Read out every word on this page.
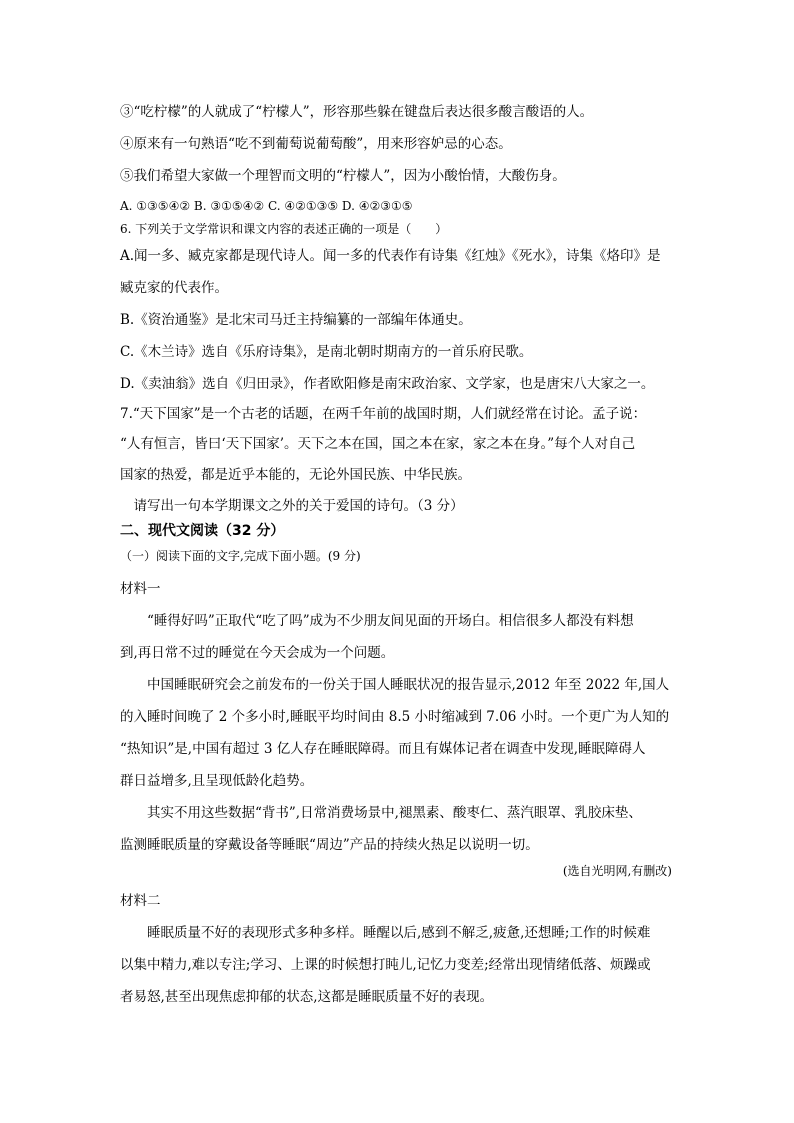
③“吃柠檬”的人就成了“柠檬人”，形容那些躲在键盘后表达很多酸言酸语的人。
④原来有一句熟语“吃不到葡萄说葡萄酸”，用来形容妒忌的心态。
⑤我们希望大家做一个理智而文明的“柠檬人”，因为小酸怡情，大酸伤身。
A. ①③⑤④② B. ③①⑤④② C. ④②①③⑤ D. ④②③①⑤
6. 下列关于文学常识和课文内容的表述正确的一项是（　　）
A.闻一多、臧克家都是现代诗人。闻一多的代表作有诗集《红烛》《死水》，诗集《烙印》是
臧克家的代表作。
B.《资治通鉴》是北宋司马迁主持编纂的一部编年体通史。
C.《木兰诗》选自《乐府诗集》，是南北朝时期南方的一首乐府民歌。
D.《卖油翁》选自《归田录》，作者欧阳修是南宋政治家、文学家，也是唐宋八大家之一。
7.“天下国家”是一个古老的话题，在两千年前的战国时期，人们就经常在讨论。孟子说：
“人有恒言，皆曰‘天下国家’。天下之本在国，国之本在家，家之本在身。”每个人对自己
国家的热爱，都是近乎本能的，无论外国民族、中华民族。
　请写出一句本学期课文之外的关于爱国的诗句。（3 分）
二、现代文阅读（32 分）
（一）阅读下面的文字,完成下面小题。(9 分)
材料一
　　“睡得好吗”正取代“吃了吗”成为不少朋友间见面的开场白。相信很多人都没有料想
到,再日常不过的睡觉在今天会成为一个问题。
　　中国睡眠研究会之前发布的一份关于国人睡眠状况的报告显示,2012 年至 2022 年,国人
的入睡时间晚了 2 个多小时,睡眠平均时间由 8.5 小时缩减到 7.06 小时。一个更广为人知的
“热知识”是,中国有超过 3 亿人存在睡眠障碍。而且有媒体记者在调查中发现,睡眠障碍人
群日益增多,且呈现低龄化趋势。
　　其实不用这些数据“背书”,日常消费场景中,褪黑素、酸枣仁、蒸汽眼罩、乳胶床垫、
监测睡眠质量的穿戴设备等睡眠“周边”产品的持续火热足以说明一切。
(选自光明网,有删改)
材料二
　　睡眠质量不好的表现形式多种多样。睡醒以后,感到不解乏,疲惫,还想睡;工作的时候难
以集中精力,难以专注;学习、上课的时候想打盹儿,记忆力变差;经常出现情绪低落、烦躁或
者易怒,甚至出现焦虑抑郁的状态,这都是睡眠质量不好的表现。
